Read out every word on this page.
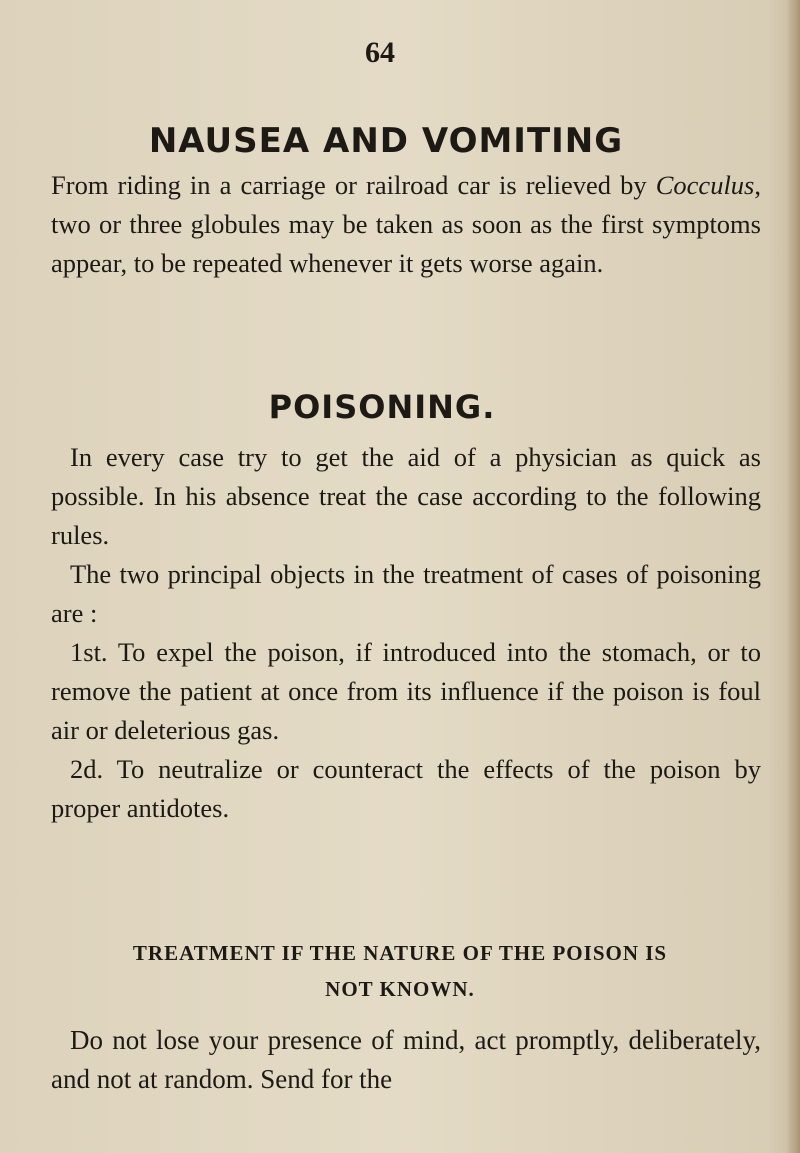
64
NAUSEA AND VOMITING

From riding in a carriage or railroad car is relieved by Cocculus, two or three globules may be taken as soon as the first symptoms appear, to be repeated whenever it gets worse again.

POISONING.

In every case try to get the aid of a physician as quick as possible. In his absence treat the case according to the following rules.

The two principal objects in the treatment of cases of poisoning are :

1st. To expel the poison, if introduced into the stomach, or to remove the patient at once from its influence if the poison is foul air or deleterious gas.

2d. To neutralize or counteract the effects of the poison by proper antidotes.

TREATMENT IF THE NATURE OF THE POISON IS
NOT KNOWN.

Do not lose your presence of mind, act promptly, deliberately, and not at random. Send for the
